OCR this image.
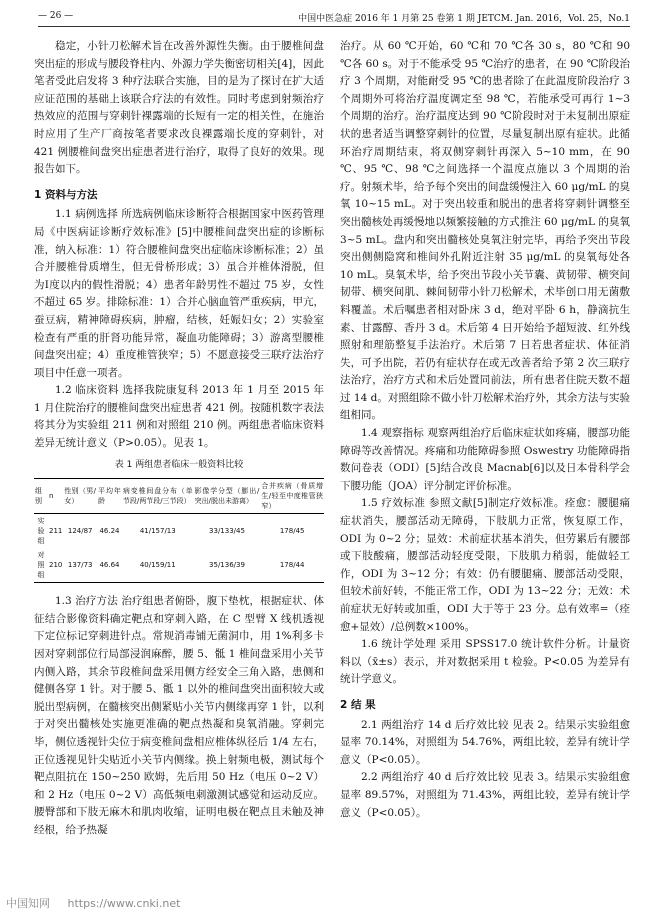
— 26 —	中国中医急症 2016 年 1 月第 25 卷第 1 期 JETCM. Jan. 2016，Vol. 25，No.1

稳定，小针刀松解术旨在改善外源性失衡。由于腰椎间盘突出症的形成与腰段脊柱内、外源力学失衡密切相关[4]，因此笔者受此启发将 3 种疗法联合实施，目的是为了探讨在扩大适应证范围的基础上该联合疗法的有效性。同时考虑到射频治疗热效应的范围与穿刺针裸露端的长短有一定的相关性，在施治时应用了生产厂商按笔者要求改良裸露端长度的穿刺针，对 421 例腰椎间盘突出症患者进行治疗，取得了良好的效果。现报告如下。

1 资料与方法

1.1 病例选择 所选病例临床诊断符合根据国家中医药管理局《中医病证诊断疗效标准》[5]中腰椎间盘突出症的诊断标准，纳入标准：1）符合腰椎间盘突出症临床诊断标准；2）虽合并腰椎骨质增生，但无骨桥形成；3）虽合并椎体滑脱，但为Ⅰ度以内的假性滑脱；4）患者年龄男性不超过 75 岁，女性不超过 65 岁。排除标准：1）合并心脑血管严重疾病，甲亢，蚕豆病，精神障碍疾病，肿瘤，结核，妊娠妇女；2）实验室检查有严重的肝肾功能异常，凝血功能障碍；3）游离型腰椎间盘突出症；4）重度椎管狭窄；5）不愿意接受三联疗法治疗项目中任意一项者。

1.2 临床资料 选择我院康复科 2013 年 1 月至 2015 年 1 月住院治疗的腰椎间盘突出症患者 421 例。按随机数字表法将其分为实验组 211 例和对照组 210 例。两组患者临床资料差异无统计意义（P>0.05）。见表 1。

表 1 两组患者临床一般资料比较
组 别	n	性别（男/女）	平均年龄	病变椎间盘分布（单节段/两节段/三节段）	影像学分型（膨出/突出/脱出未游离）	合并疾病（骨质增生/轻至中度椎管狭窄）
实验组	211	124/87	46.24	41/157/13	33/133/45	178/45
对照组	210	137/73	46.64	40/159/11	35/136/39	178/44

1.3 治疗方法 治疗组患者俯卧，腹下垫枕，根据症状、体征结合影像资料确定靶点和穿刺入路，在 C 型臂 X 线机透视下定位标记穿刺进针点。常规消毒铺无菌洞巾，用 1%利多卡因对穿刺部位行局部浸润麻醉，腰 5、骶 1 椎间盘采用小关节内侧入路，其余节段椎间盘采用侧方经安全三角入路，患侧和健侧各穿 1 针。对于腰 5、骶 1 以外的椎间盘突出面积较大或脱出型病例，在髓核突出侧紧贴小关节内侧缘再穿 1 针，以利于对突出髓核处实施更准确的靶点热凝和臭氧消融。穿刺完毕，侧位透视针尖位于病变椎间盘相应椎体纵径后 1/4 左右，正位透视见针尖贴近小关节内侧缘。换上射频电极，测试每个靶点阻抗在 150~250 欧姆，先后用 50 Hz（电压 0~2 V）和 2 Hz（电压 0~2 V）高低频电刺激测试感觉和运动反应。腰臀部和下肢无麻木和肌肉收缩，证明电极在靶点且未触及神经根，给予热凝

治疗。从 60 ℃开始，60 ℃和 70 ℃各 30 s，80 ℃和 90 ℃各 60 s。对于不能承受 95 ℃治疗的患者，在 90 ℃阶段治疗 3 个周期，对能耐受 95 ℃的患者除了在此温度阶段治疗 3 个周期外可将治疗温度调定至 98 ℃，若能承受可再行 1~3 个周期的治疗。治疗温度达到 90 ℃阶段时对于未复制出原症状的患者适当调整穿刺针的位置，尽量复制出原有症状。此循环治疗周期结束，将双侧穿刺针再深入 5~10 mm，在 90 ℃、95 ℃、98 ℃之间选择一个温度点施以 3 个周期的治疗。射频术毕，给予每个突出的间盘缓慢注入 60 μg/mL 的臭氧 10~15 mL。对于突出较重和脱出的患者将穿刺针调整至突出髓核处再缓慢地以频繁接触的方式推注 60 μg/mL 的臭氧 3~5 mL。盘内和突出髓核处臭氧注射完毕，再给予突出节段突出侧侧隐窝和椎间外孔附近注射 35 μg/mL 的臭氧每处各 10 mL。臭氧术毕，给予突出节段小关节囊、黄韧带、横突间韧带、横突间肌、棘间韧带小针刀松解术，术毕创口用无菌敷料覆盖。术后嘱患者相对卧床 3 d，绝对平卧 6 h，静滴抗生素、甘露醇、香丹 3 d。术后第 4 日开始给予超短波、红外线照射和理筋整复手法治疗。术后第 7 日若患者症状、体征消失，可予出院，若仍有症状存在或无改善者给予第 2 次三联疗法治疗，治疗方式和术后处置同前法，所有患者住院天数不超过 14 d。对照组除不做小针刀松解术治疗外，其余方法与实验组相同。

1.4 观察指标 观察两组治疗后临床症状如疼痛，腰部功能障碍等改善情况。疼痛和功能障碍参照 Oswestry 功能障碍指数问卷表（ODI）[5]结合改良 Macnab[6]以及日本骨科学会下腰功能（JOA）评分制定评价标准。

1.5 疗效标准 参照文献[5]制定疗效标准。痊愈：腰腿痛症状消失，腰部活动无障碍，下肢肌力正常，恢复原工作，ODI 为 0~2 分；显效：术前症状基本消失，但劳累后有腰部或下肢酸痛，腰部活动轻度受限，下肢肌力稍弱，能做轻工作，ODI 为 3~12 分；有效：仍有腰腿痛、腰部活动受限，但较术前好转，不能正常工作，ODI 为 13~22 分；无效：术前症状无好转或加重，ODI 大于等于 23 分。总有效率=（痊愈+显效）/总例数×100%。

1.6 统计学处理 采用 SPSS17.0 统计软件分析。计量资料以（x̄±s）表示，并对数据采用 t 检验。P<0.05 为差异有统计学意义。

2 结 果

2.1 两组治疗 14 d 后疗效比较 见表 2。结果示实验组愈显率 70.14%，对照组为 54.76%，两组比较，差异有统计学意义（P<0.05）。

2.2 两组治疗 40 d 后疗效比较 见表 3。结果示实验组愈显率 89.57%，对照组为 71.43%，两组比较，差异有统计学意义（P<0.05）。

中国知网 https://www.cnki.net
